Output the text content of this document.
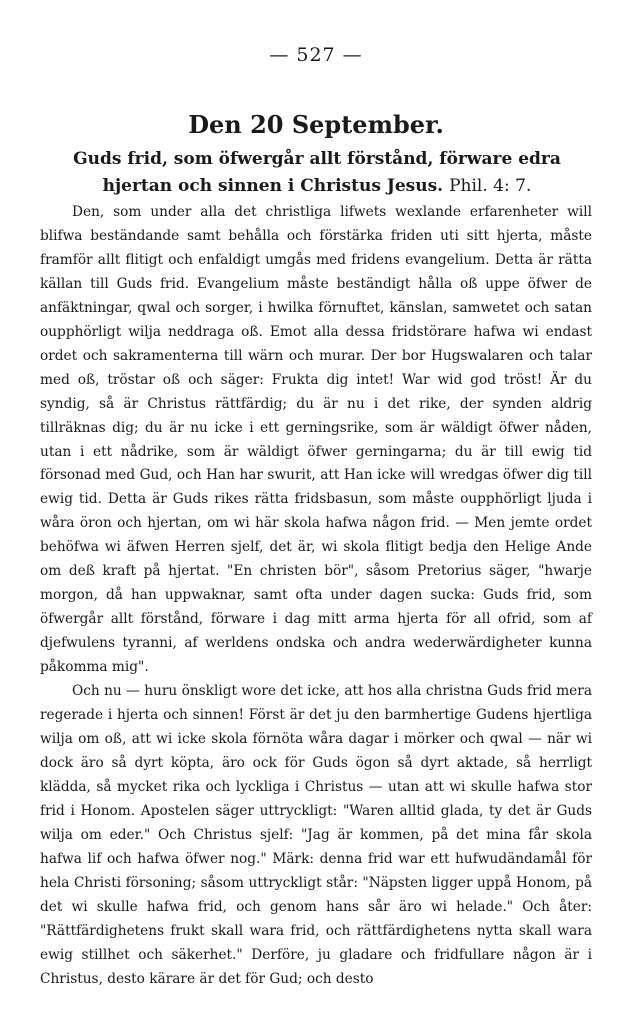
— 527 —
Den 20 September.
Guds frid, som öfwergår allt förstånd, förware edra hjertan och sinnen i Christus Jesus. Phil. 4: 7.

Den, som under alla det christliga lifwets wexlande erfarenheter will blifwa beständande samt behålla och förstärka friden uti sitt hjerta, måste framför allt flitigt och enfaldigt umgås med fridens evangelium. Detta är rätta källan till Guds frid. Evangelium måste beständigt hålla oß uppe öfwer de anfäktningar, qwal och sorger, i hwilka förnuftet, känslan, samwetet och satan oupphörligt wilja neddraga oß. Emot alla dessa fridstörare hafwa wi endast ordet och sakramenterna till wärn och murar. Der bor Hugswalaren och talar med oß, tröstar oß och säger: Frukta dig intet! War wid god tröst! Är du syndig, så är Christus rättfärdig; du är nu i det rike, der synden aldrig tillräknas dig; du är nu icke i ett gerningsrike, som är wäldigt öfwer nåden, utan i ett nådrike, som är wäldigt öfwer gerningarna; du är till ewig tid försonad med Gud, och Han har swurit, att Han icke will wredgas öfwer dig till ewig tid. Detta är Guds rikes rätta fridsbasun, som måste oupphörligt ljuda i wåra öron och hjertan, om wi här skola hafwa någon frid. — Men jemte ordet behöfwa wi äfwen Herren sjelf, det är, wi skola flitigt bedja den Helige Ande om deß kraft på hjertat. "En christen bör", såsom Pretorius säger, "hwarje morgon, då han uppwaknar, samt ofta under dagen sucka: Guds frid, som öfwergår allt förstånd, förware i dag mitt arma hjerta för all ofrid, som af djefwulens tyranni, af werldens ondska och andra wederwärdigheter kunna påkomma mig".

Och nu — huru önskligt wore det icke, att hos alla christna Guds frid mera regerade i hjerta och sinnen! Först är det ju den barmhertige Gudens hjertliga wilja om oß, att wi icke skola förnöta wåra dagar i mörker och qwal — när wi dock äro så dyrt köpta, äro ock för Guds ögon så dyrt aktade, så herrligt klädda, så mycket rika och lyckliga i Christus — utan att wi skulle hafwa stor frid i Honom. Apostelen säger uttryckligt: "Waren alltid glada, ty det är Guds wilja om eder." Och Christus sjelf: "Jag är kommen, på det mina får skola hafwa lif och hafwa öfwer nog." Märk: denna frid war ett hufwudändamål för hela Christi försoning; såsom uttryckligt står: "Näpsten ligger uppå Honom, på det wi skulle hafwa frid, och genom hans sår äro wi helade." Och åter: "Rättfärdighetens frukt skall wara frid, och rättfärdighetens nytta skall wara ewig stillhet och säkerhet." Derföre, ju gladare och fridfullare någon är i Christus, desto kärare är det för Gud; och desto
